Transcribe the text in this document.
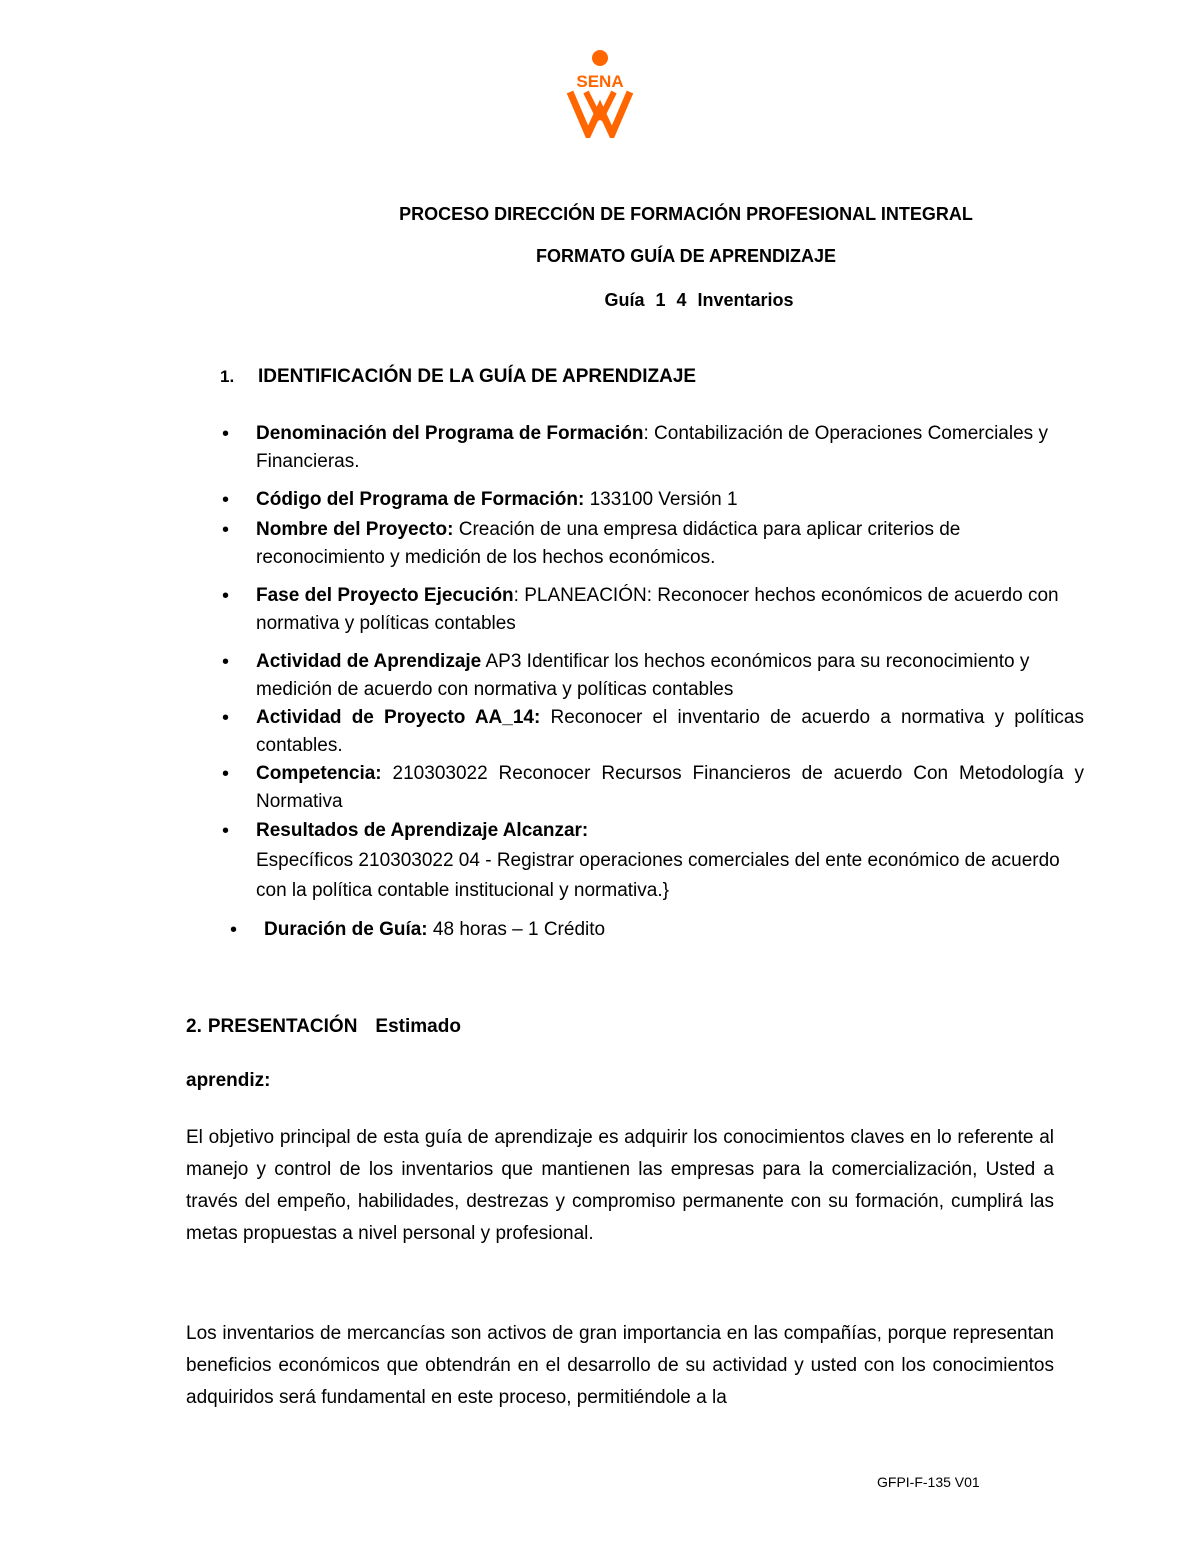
SENA
PROCESO DIRECCIÓN DE FORMACIÓN PROFESIONAL INTEGRAL
FORMATO GUÍA DE APRENDIZAJE
Guía 1 4 Inventarios
1. IDENTIFICACIÓN DE LA GUÍA DE APRENDIZAJE
• Denominación del Programa de Formación: Contabilización de Operaciones Comerciales y Financieras.
• Código del Programa de Formación: 133100 Versión 1
• Nombre del Proyecto: Creación de una empresa didáctica para aplicar criterios de reconocimiento y medición de los hechos económicos.
• Fase del Proyecto Ejecución: PLANEACIÓN: Reconocer hechos económicos de acuerdo con normativa y políticas contables
• Actividad de Aprendizaje AP3 Identificar los hechos económicos para su reconocimiento y medición de acuerdo con normativa y políticas contables
• Actividad de Proyecto AA_14: Reconocer el inventario de acuerdo a normativa y políticas contables.
• Competencia: 210303022 Reconocer Recursos Financieros de acuerdo Con Metodología y Normativa
• Resultados de Aprendizaje Alcanzar:
Específicos 210303022 04 - Registrar operaciones comerciales del ente económico de acuerdo con la política contable institucional y normativa.}
• Duración de Guía: 48 horas – 1 Crédito
2. PRESENTACIÓN Estimado
aprendiz:

El objetivo principal de esta guía de aprendizaje es adquirir los conocimientos claves en lo referente al manejo y control de los inventarios que mantienen las empresas para la comercialización, Usted a través del empeño, habilidades, destrezas y compromiso permanente con su formación, cumplirá las metas propuestas a nivel personal y profesional.

Los inventarios de mercancías son activos de gran importancia en las compañías, porque representan beneficios económicos que obtendrán en el desarrollo de su actividad y usted con los conocimientos adquiridos será fundamental en este proceso, permitiéndole a la

GFPI-F-135 V01
